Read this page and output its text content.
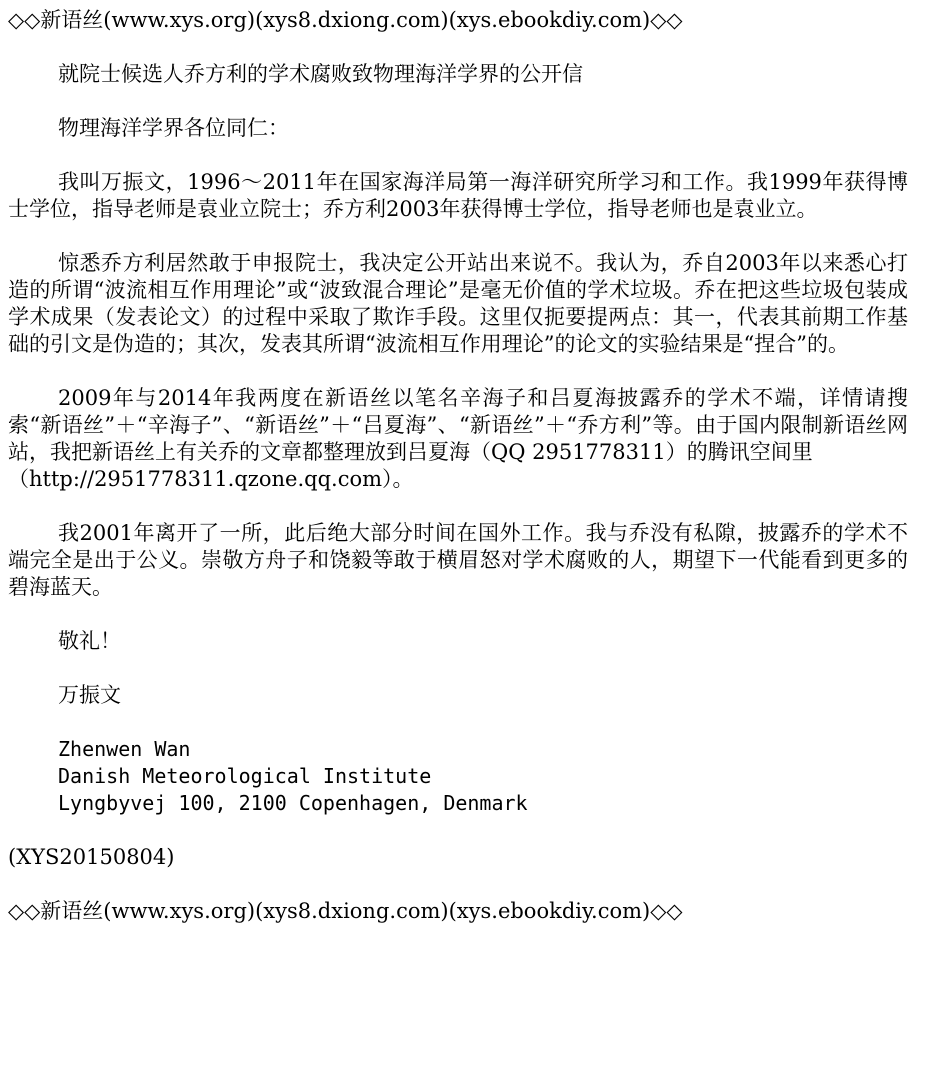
◇◇新语丝(www.xys.org)(xys8.dxiong.com)(xys.ebookdiy.com)◇◇
就院士候选人乔方利的学术腐败致物理海洋学界的公开信
物理海洋学界各位同仁：

我叫万振文，1996～2011年在国家海洋局第一海洋研究所学习和工作。我1999年获得博士学位，指导老师是袁业立院士；乔方利2003年获得博士学位，指导老师也是袁业立。

惊悉乔方利居然敢于申报院士，我决定公开站出来说不。我认为，乔自2003年以来悉心打造的所谓“波流相互作用理论”或“波致混合理论”是毫无价值的学术垃圾。乔在把这些垃圾包装成学术成果（发表论文）的过程中采取了欺诈手段。这里仅扼要提两点：其一，代表其前期工作基础的引文是伪造的；其次，发表其所谓“波流相互作用理论”的论文的实验结果是“捏合”的。

2009年与2014年我两度在新语丝以笔名辛海子和吕夏海披露乔的学术不端，详情请搜索“新语丝”＋“辛海子”、“新语丝”＋“吕夏海”、“新语丝”＋“乔方利”等。由于国内限制新语丝网站，我把新语丝上有关乔的文章都整理放到吕夏海（QQ 2951778311）的腾讯空间里

（http://2951778311.qzone.qq.com）。

我2001年离开了一所，此后绝大部分时间在国外工作。我与乔没有私隙，披露乔的学术不端完全是出于公义。崇敬方舟子和饶毅等敢于横眉怒对学术腐败的人，期望下一代能看到更多的碧海蓝天。

敬礼！
万振文
Zhenwen Wan
Danish Meteorological Institute
Lyngbyvej 100, 2100 Copenhagen, Denmark
(XYS20150804)
◇◇新语丝(www.xys.org)(xys8.dxiong.com)(xys.ebookdiy.com)◇◇
